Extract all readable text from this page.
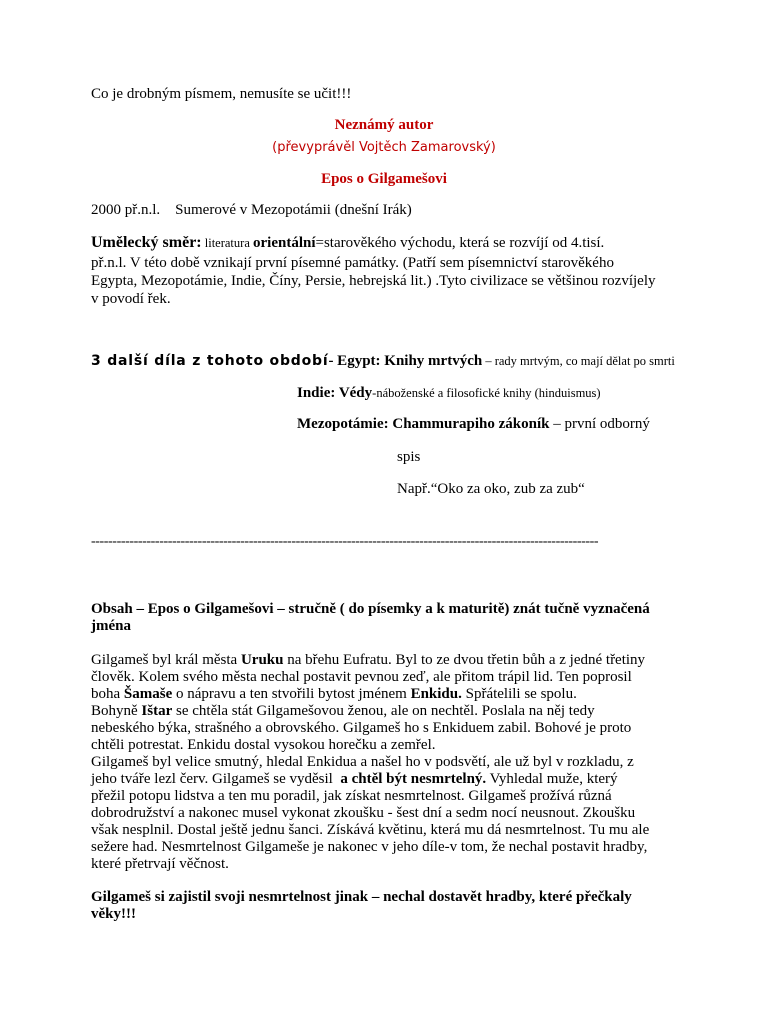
Co je drobným písmem, nemusíte se učit!!!
Neznámý autor
(převyprávěl Vojtěch Zamarovský)
Epos o Gilgamešovi
2000 př.n.l.    Sumerové v Mezopotámii (dnešní Irák)
Umělecký směr: literatura orientální=starověkého východu, která se rozvíjí od 4.tisí.
př.n.l. V této době vznikají první písemné památky. (Patří sem písemnictví starověkého
Egypta, Mezopotámie, Indie, Číny, Persie, hebrejská lit.) .Tyto civilizace se většinou rozvíjely
v povodí řek.
3 další díla z tohoto období- Egypt: Knihy mrtvých – rady mrtvým, co mají dělat po smrti
Indie: Védy-náboženské a filosofické knihy (hinduismus)
Mezopotámie: Chammurapiho zákoník – první odborný
spis
Např.“Oko za oko, zub za zub“
-----------------------------------------------------------------------------------------------------------------------
Obsah – Epos o Gilgamešovi – stručně ( do písemky a k maturitě) znát tučně vyznačená
jména
Gilgameš byl král města Uruku na břehu Eufratu. Byl to ze dvou třetin bůh a z jedné třetiny
člověk. Kolem svého města nechal postavit pevnou zeď, ale přitom trápil lid. Ten poprosil
boha Šamaše o nápravu a ten stvořili bytost jménem Enkidu. Spřátelili se spolu.
Bohyně Ištar se chtěla stát Gilgamešovou ženou, ale on nechtěl. Poslala na něj tedy
nebeského býka, strašného a obrovského. Gilgameš ho s Enkiduem zabil. Bohové je proto
chtěli potrestat. Enkidu dostal vysokou horečku a zemřel.
Gilgameš byl velice smutný, hledal Enkidua a našel ho v podsvětí, ale už byl v rozkladu, z
jeho tváře lezl červ. Gilgameš se vyděsil  a chtěl být nesmrtelný. Vyhledal muže, který
přežil potopu lidstva a ten mu poradil, jak získat nesmrtelnost. Gilgameš prožívá různá
dobrodružství a nakonec musel vykonat zkoušku - šest dní a sedm nocí neusnout. Zkoušku
však nesplnil. Dostal ještě jednu šanci. Získává květinu, která mu dá nesmrtelnost. Tu mu ale
sežere had. Nesmrtelnost Gilgameše je nakonec v jeho díle-v tom, že nechal postavit hradby,
které přetrvají věčnost.
Gilgameš si zajistil svoji nesmrtelnost jinak – nechal dostavět hradby, které přečkaly
věky!!!
